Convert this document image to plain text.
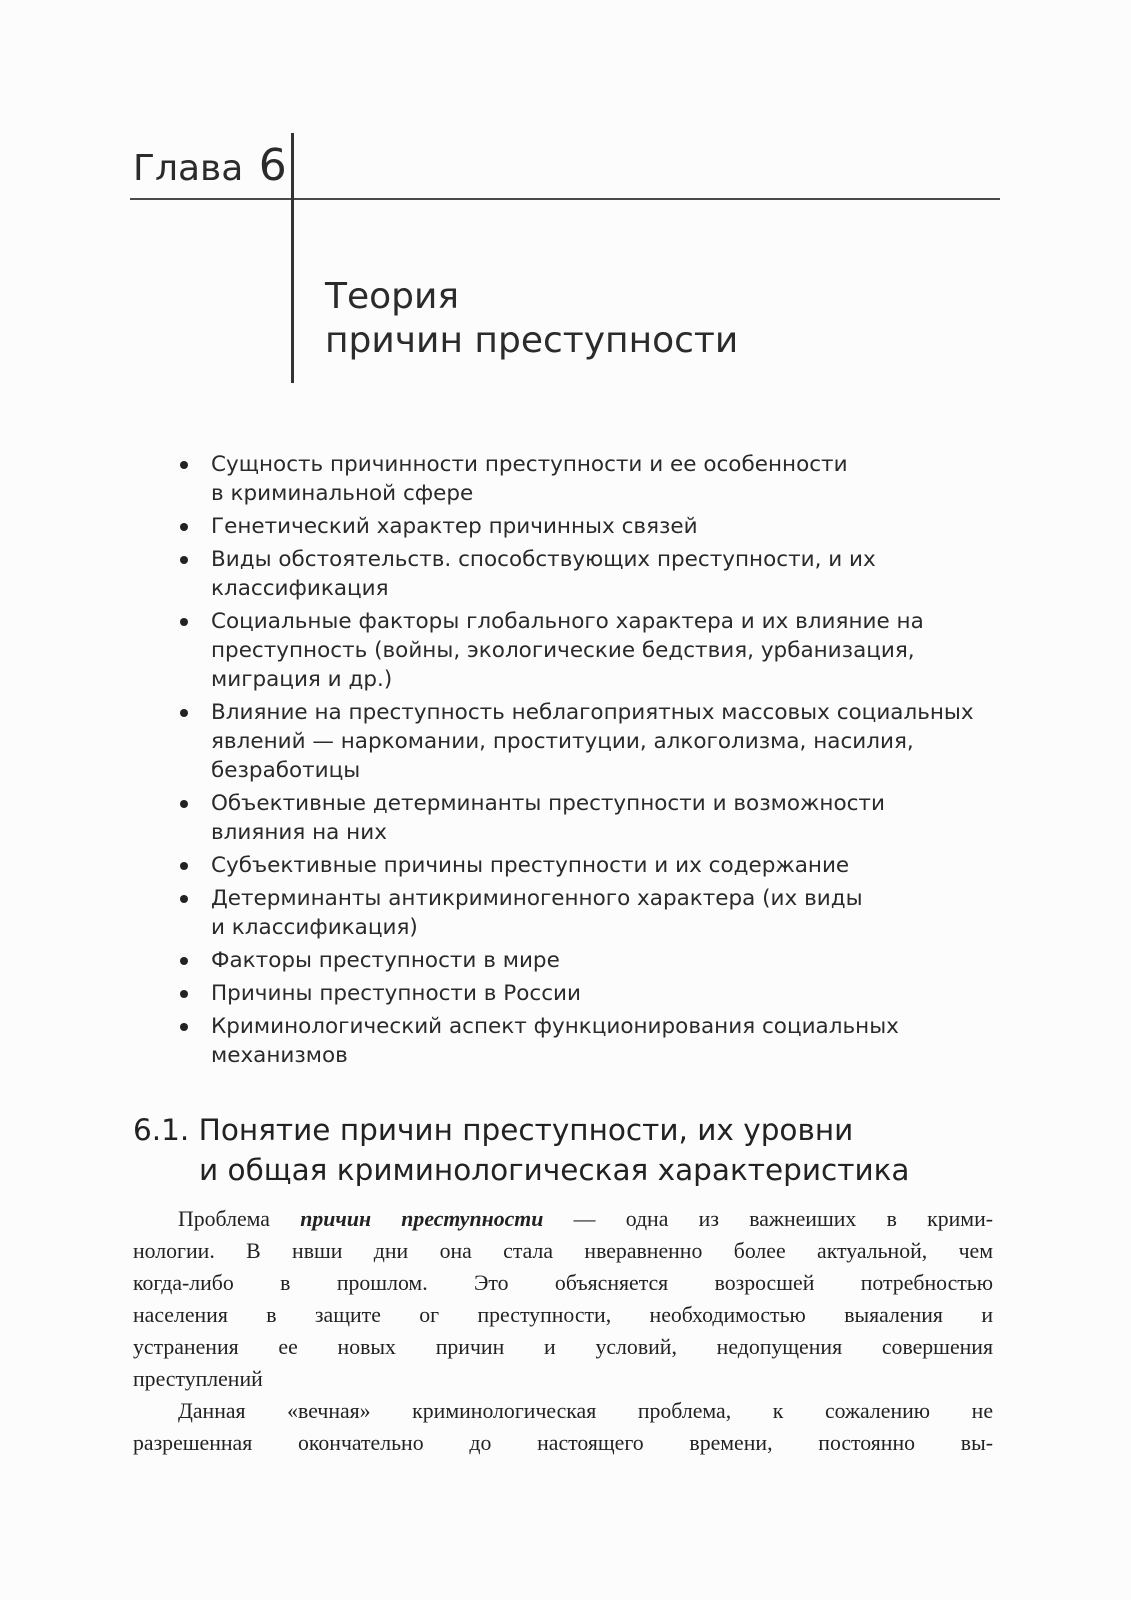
Глава 6
Теория
причин преступности
Сущность причинности преступности и ее особенности
в криминальной сфере
Генетический характер причинных связей
Виды обстоятельств. способствующих преступности, и их
классификация
Социальные факторы глобального характера и их влияние на
преступность (войны, экологические бедствия, урбанизация,
миграция и др.)
Влияние на преступность неблагоприятных массовых социальных
явлений — наркомании, проституции, алкоголизма, насилия,
безработицы
Объективные детерминанты преступности и возможности
влияния на них
Субъективные причины преступности и их содержание
Детерминанты антикриминогенного характера (их виды
и классификация)
Факторы преступности в мире
Причины преступности в России
Криминологический аспект функционирования социальных
механизмов
6.1. Понятие причин преступности, их уровни
и общая криминологическая характеристика
Проблема причин преступности — одна из важнеиших в крими-
нологии. В нвши дни она стала нверавненно более актуальной, чем
когда-либо в прошлом. Это объясняется возросшей потребностью
населения в защите ог преступности, необходимостью выяаления и
устранения ее новых причин и условий, недопущения совершения
преступлений
Данная «вечная» криминологическая проблема, к сожалению не
разрешенная окончательно до настоящего времени, постоянно вы-
